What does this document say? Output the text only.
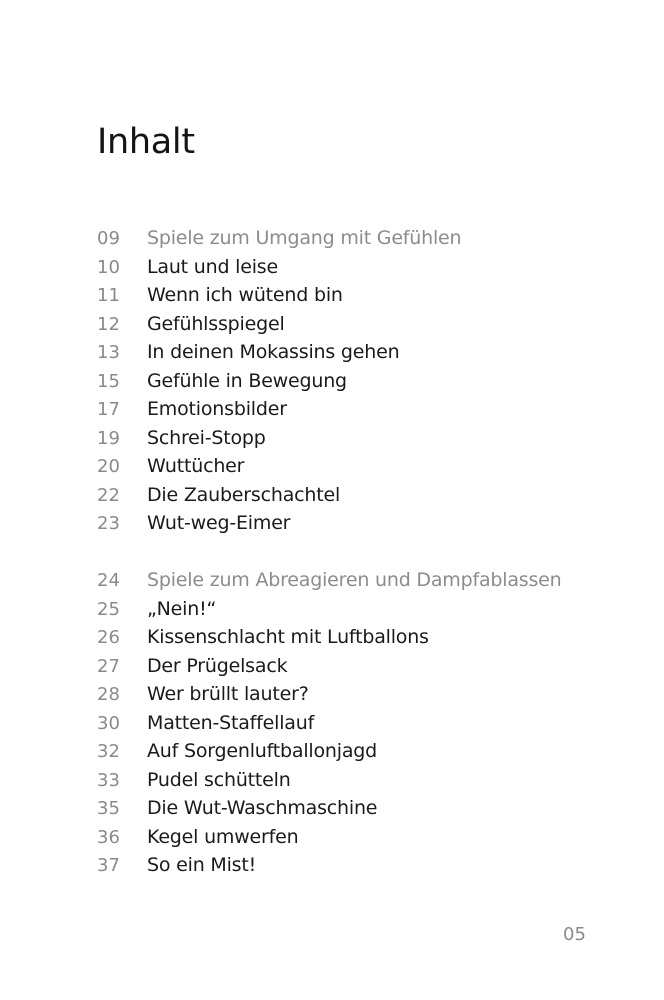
Inhalt
09	Spiele zum Umgang mit Gefühlen
10	Laut und leise
11	Wenn ich wütend bin
12	Gefühlsspiegel
13	In deinen Mokassins gehen
15	Gefühle in Bewegung
17	Emotionsbilder
19	Schrei-Stopp
20	Wuttücher
22	Die Zauberschachtel
23	Wut-weg-Eimer
24	Spiele zum Abreagieren und Dampfablassen
25	„Nein!“
26	Kissenschlacht mit Luftballons
27	Der Prügelsack
28	Wer brüllt lauter?
30	Matten-Staffellauf
32	Auf Sorgenluftballonjagd
33	Pudel schütteln
35	Die Wut-Waschmaschine
36	Kegel umwerfen
37	So ein Mist!
05
